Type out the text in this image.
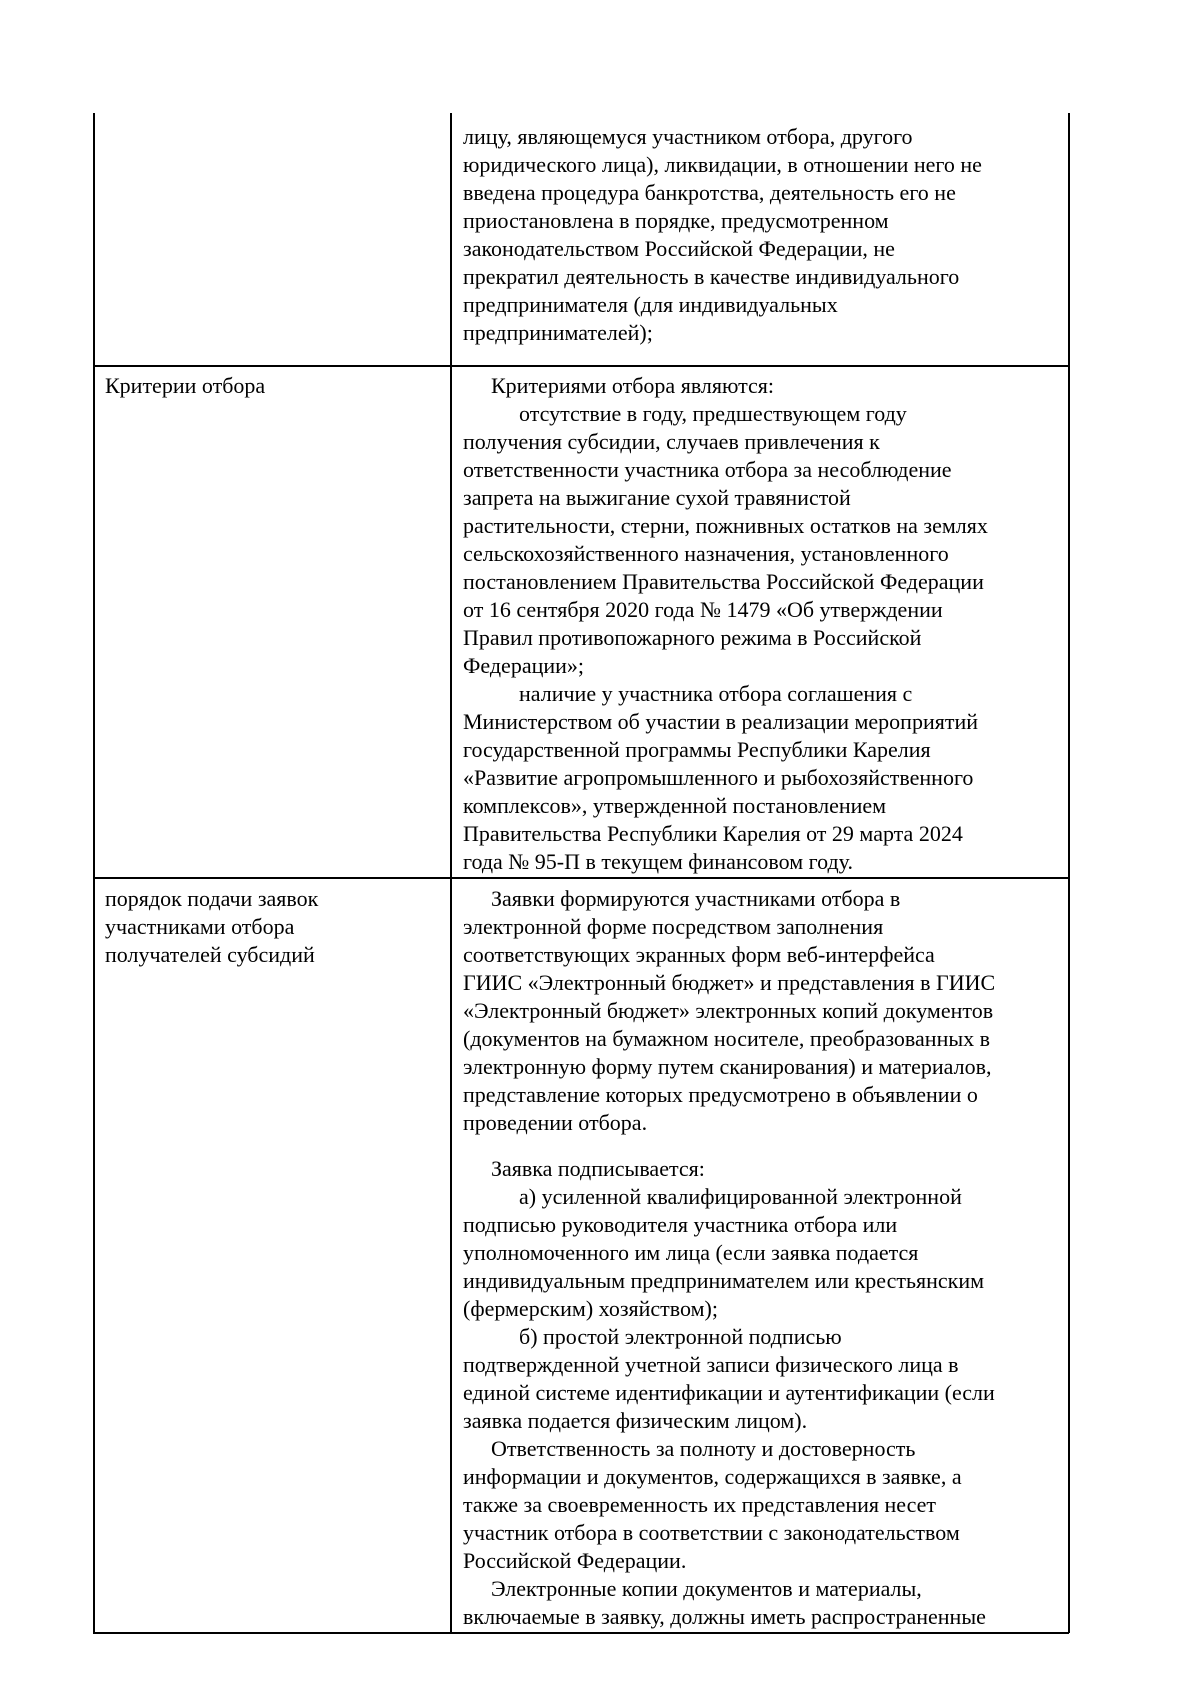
лицу, являющемуся участником отбора, другого

юридического лица), ликвидации, в отношении него не

введена процедура банкротства, деятельность его не

приостановлена в порядке, предусмотренном

законодательством Российской Федерации, не

прекратил деятельность в качестве индивидуального

предпринимателя (для индивидуальных

предпринимателей);

Критерии отбора	Критериями отбора являются:

отсутствие в году, предшествующем году

получения субсидии, случаев привлечения к

ответственности участника отбора за несоблюдение

запрета на выжигание сухой травянистой

растительности, стерни, пожнивных остатков на землях

сельскохозяйственного назначения, установленного

постановлением Правительства Российской Федерации

от 16 сентября 2020 года № 1479 «Об утверждении

Правил противопожарного режима в Российской

Федерации»;

наличие у участника отбора соглашения с

Министерством об участии в реализации мероприятий

государственной программы Республики Карелия

«Развитие агропромышленного и рыбохозяйственного

комплексов», утвержденной постановлением

Правительства Республики Карелия от 29 марта 2024

года № 95-П в текущем финансовом году.

порядок подачи заявок
участниками отбора
получателей субсидий

Заявки формируются участниками отбора в

электронной форме посредством заполнения

соответствующих экранных форм веб-интерфейса

ГИИС «Электронный бюджет» и представления в ГИИС

«Электронный бюджет» электронных копий документов

(документов на бумажном носителе, преобразованных в

электронную форму путем сканирования) и материалов,

представление которых предусмотрено в объявлении о

проведении отбора.

Заявка подписывается:

а) усиленной квалифицированной электронной

подписью руководителя участника отбора или

уполномоченного им лица (если заявка подается

индивидуальным предпринимателем или крестьянским

(фермерским) хозяйством);

б) простой электронной подписью

подтвержденной учетной записи физического лица в

единой системе идентификации и аутентификации (если

заявка подается физическим лицом).

Ответственность за полноту и достоверность

информации и документов, содержащихся в заявке, а

также за своевременность их представления несет

участник отбора в соответствии с законодательством

Российской Федерации.

Электронные копии документов и материалы,

включаемые в заявку, должны иметь распространенные
